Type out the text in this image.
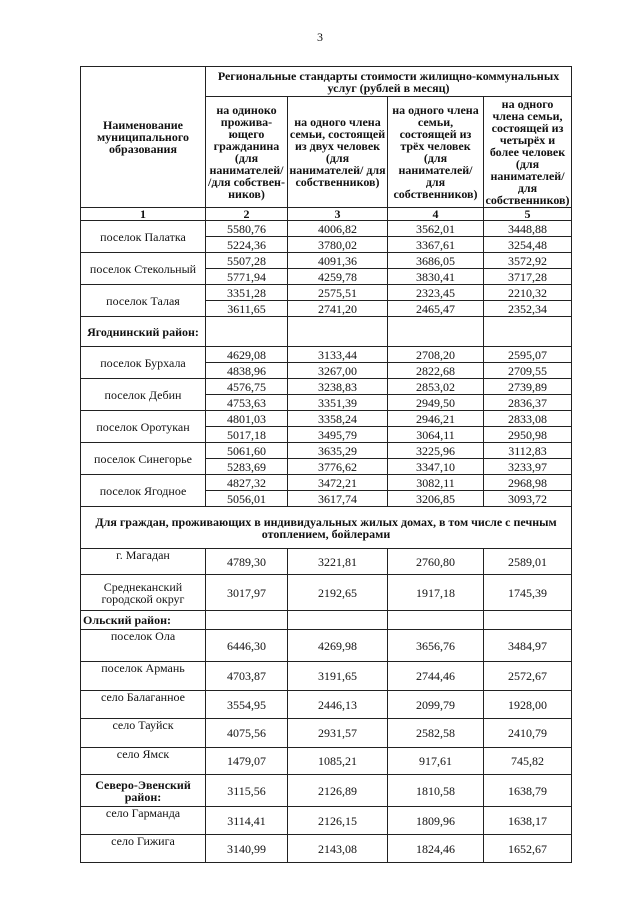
3
Наименование муниципального образования	Региональные стандарты стоимости жилищно-коммунальных услуг (рублей в месяц)			
	на одиноко прожива-ющего гражданина (для нанимателей/ /для собствен-ников)	на одного члена семьи, состоящей из двух человек (для нанимателей/ для собственников)	на одного члена семьи, состоящей из трёх человек (для нанимателей/ для собственников)	на одного члена семьи, состоящей из четырёх и более человек (для нанимателей/ для собственников)
1	2	3	4	5
поселок Палатка	5580,76	4006,82	3562,01	3448,88
	5224,36	3780,02	3367,61	3254,48
поселок Стекольный	5507,28	4091,36	3686,05	3572,92
	5771,94	4259,78	3830,41	3717,28
поселок Талая	3351,28	2575,51	2323,45	2210,32
	3611,65	2741,20	2465,47	2352,34
Ягоднинский район:				
поселок Бурхала	4629,08	3133,44	2708,20	2595,07
	4838,96	3267,00	2822,68	2709,55
поселок Дебин	4576,75	3238,83	2853,02	2739,89
	4753,63	3351,39	2949,50	2836,37
поселок Оротукан	4801,03	3358,24	2946,21	2833,08
	5017,18	3495,79	3064,11	2950,98
поселок Синегорье	5061,60	3635,29	3225,96	3112,83
	5283,69	3776,62	3347,10	3233,97
поселок Ягодное	4827,32	3472,21	3082,11	2968,98
	5056,01	3617,74	3206,85	3093,72
Для граждан, проживающих в индивидуальных жилых домах, в том числе с печным отоплением, бойлерами				
г. Магадан	4789,30	3221,81	2760,80	2589,01
Среднеканский городской округ	3017,97	2192,65	1917,18	1745,39
Ольский район:				
поселок Ола	6446,30	4269,98	3656,76	3484,97
поселок Армань	4703,87	3191,65	2744,46	2572,67
село Балаганное	3554,95	2446,13	2099,79	1928,00
село Тауйск	4075,56	2931,57	2582,58	2410,79
село Ямск	1479,07	1085,21	917,61	745,82
Северо-Эвенский район:	3115,56	2126,89	1810,58	1638,79
село Гарманда	3114,41	2126,15	1809,96	1638,17
село Гижига	3140,99	2143,08	1824,46	1652,67
